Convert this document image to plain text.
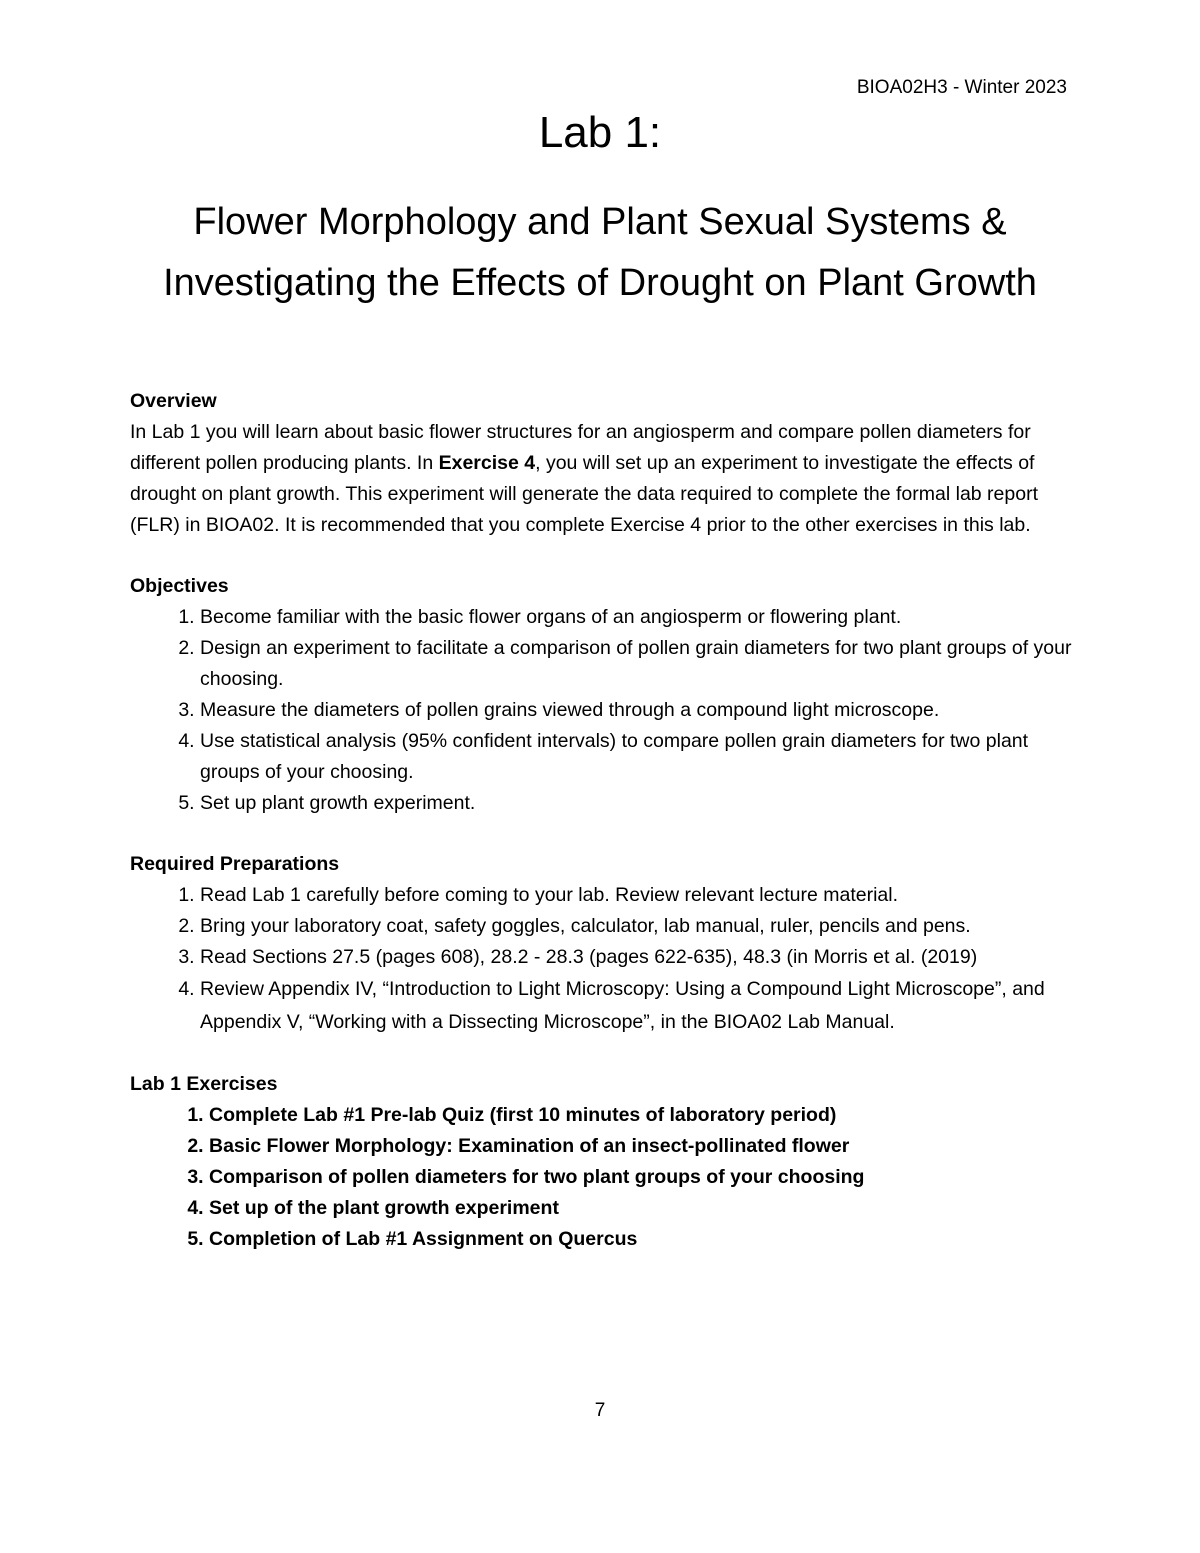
BIOA02H3 - Winter 2023
Lab 1:
Flower Morphology and Plant Sexual Systems & Investigating the Effects of Drought on Plant Growth
Overview

In Lab 1 you will learn about basic flower structures for an angiosperm and compare pollen diameters for different pollen producing plants. In Exercise 4, you will set up an experiment to investigate the effects of drought on plant growth. This experiment will generate the data required to complete the formal lab report (FLR) in BIOA02. It is recommended that you complete Exercise 4 prior to the other exercises in this lab.

Objectives
1. Become familiar with the basic flower organs of an angiosperm or flowering plant.
2. Design an experiment to facilitate a comparison of pollen grain diameters for two plant groups of your choosing.
3. Measure the diameters of pollen grains viewed through a compound light microscope.
4. Use statistical analysis (95% confident intervals) to compare pollen grain diameters for two plant groups of your choosing.
5. Set up plant growth experiment.
Required Preparations
1. Read Lab 1 carefully before coming to your lab. Review relevant lecture material.
2. Bring your laboratory coat, safety goggles, calculator, lab manual, ruler, pencils and pens.
3. Read Sections 27.5 (pages 608), 28.2 - 28.3 (pages 622-635), 48.3 (in Morris et al. (2019)
4. Review Appendix IV, “Introduction to Light Microscopy: Using a Compound Light Microscope”, and Appendix V, “Working with a Dissecting Microscope”, in the BIOA02 Lab Manual.
Lab 1 Exercises
1. Complete Lab #1 Pre-lab Quiz (first 10 minutes of laboratory period)
2. Basic Flower Morphology: Examination of an insect-pollinated flower
3. Comparison of pollen diameters for two plant groups of your choosing
4. Set up of the plant growth experiment
5. Completion of Lab #1 Assignment on Quercus
7
